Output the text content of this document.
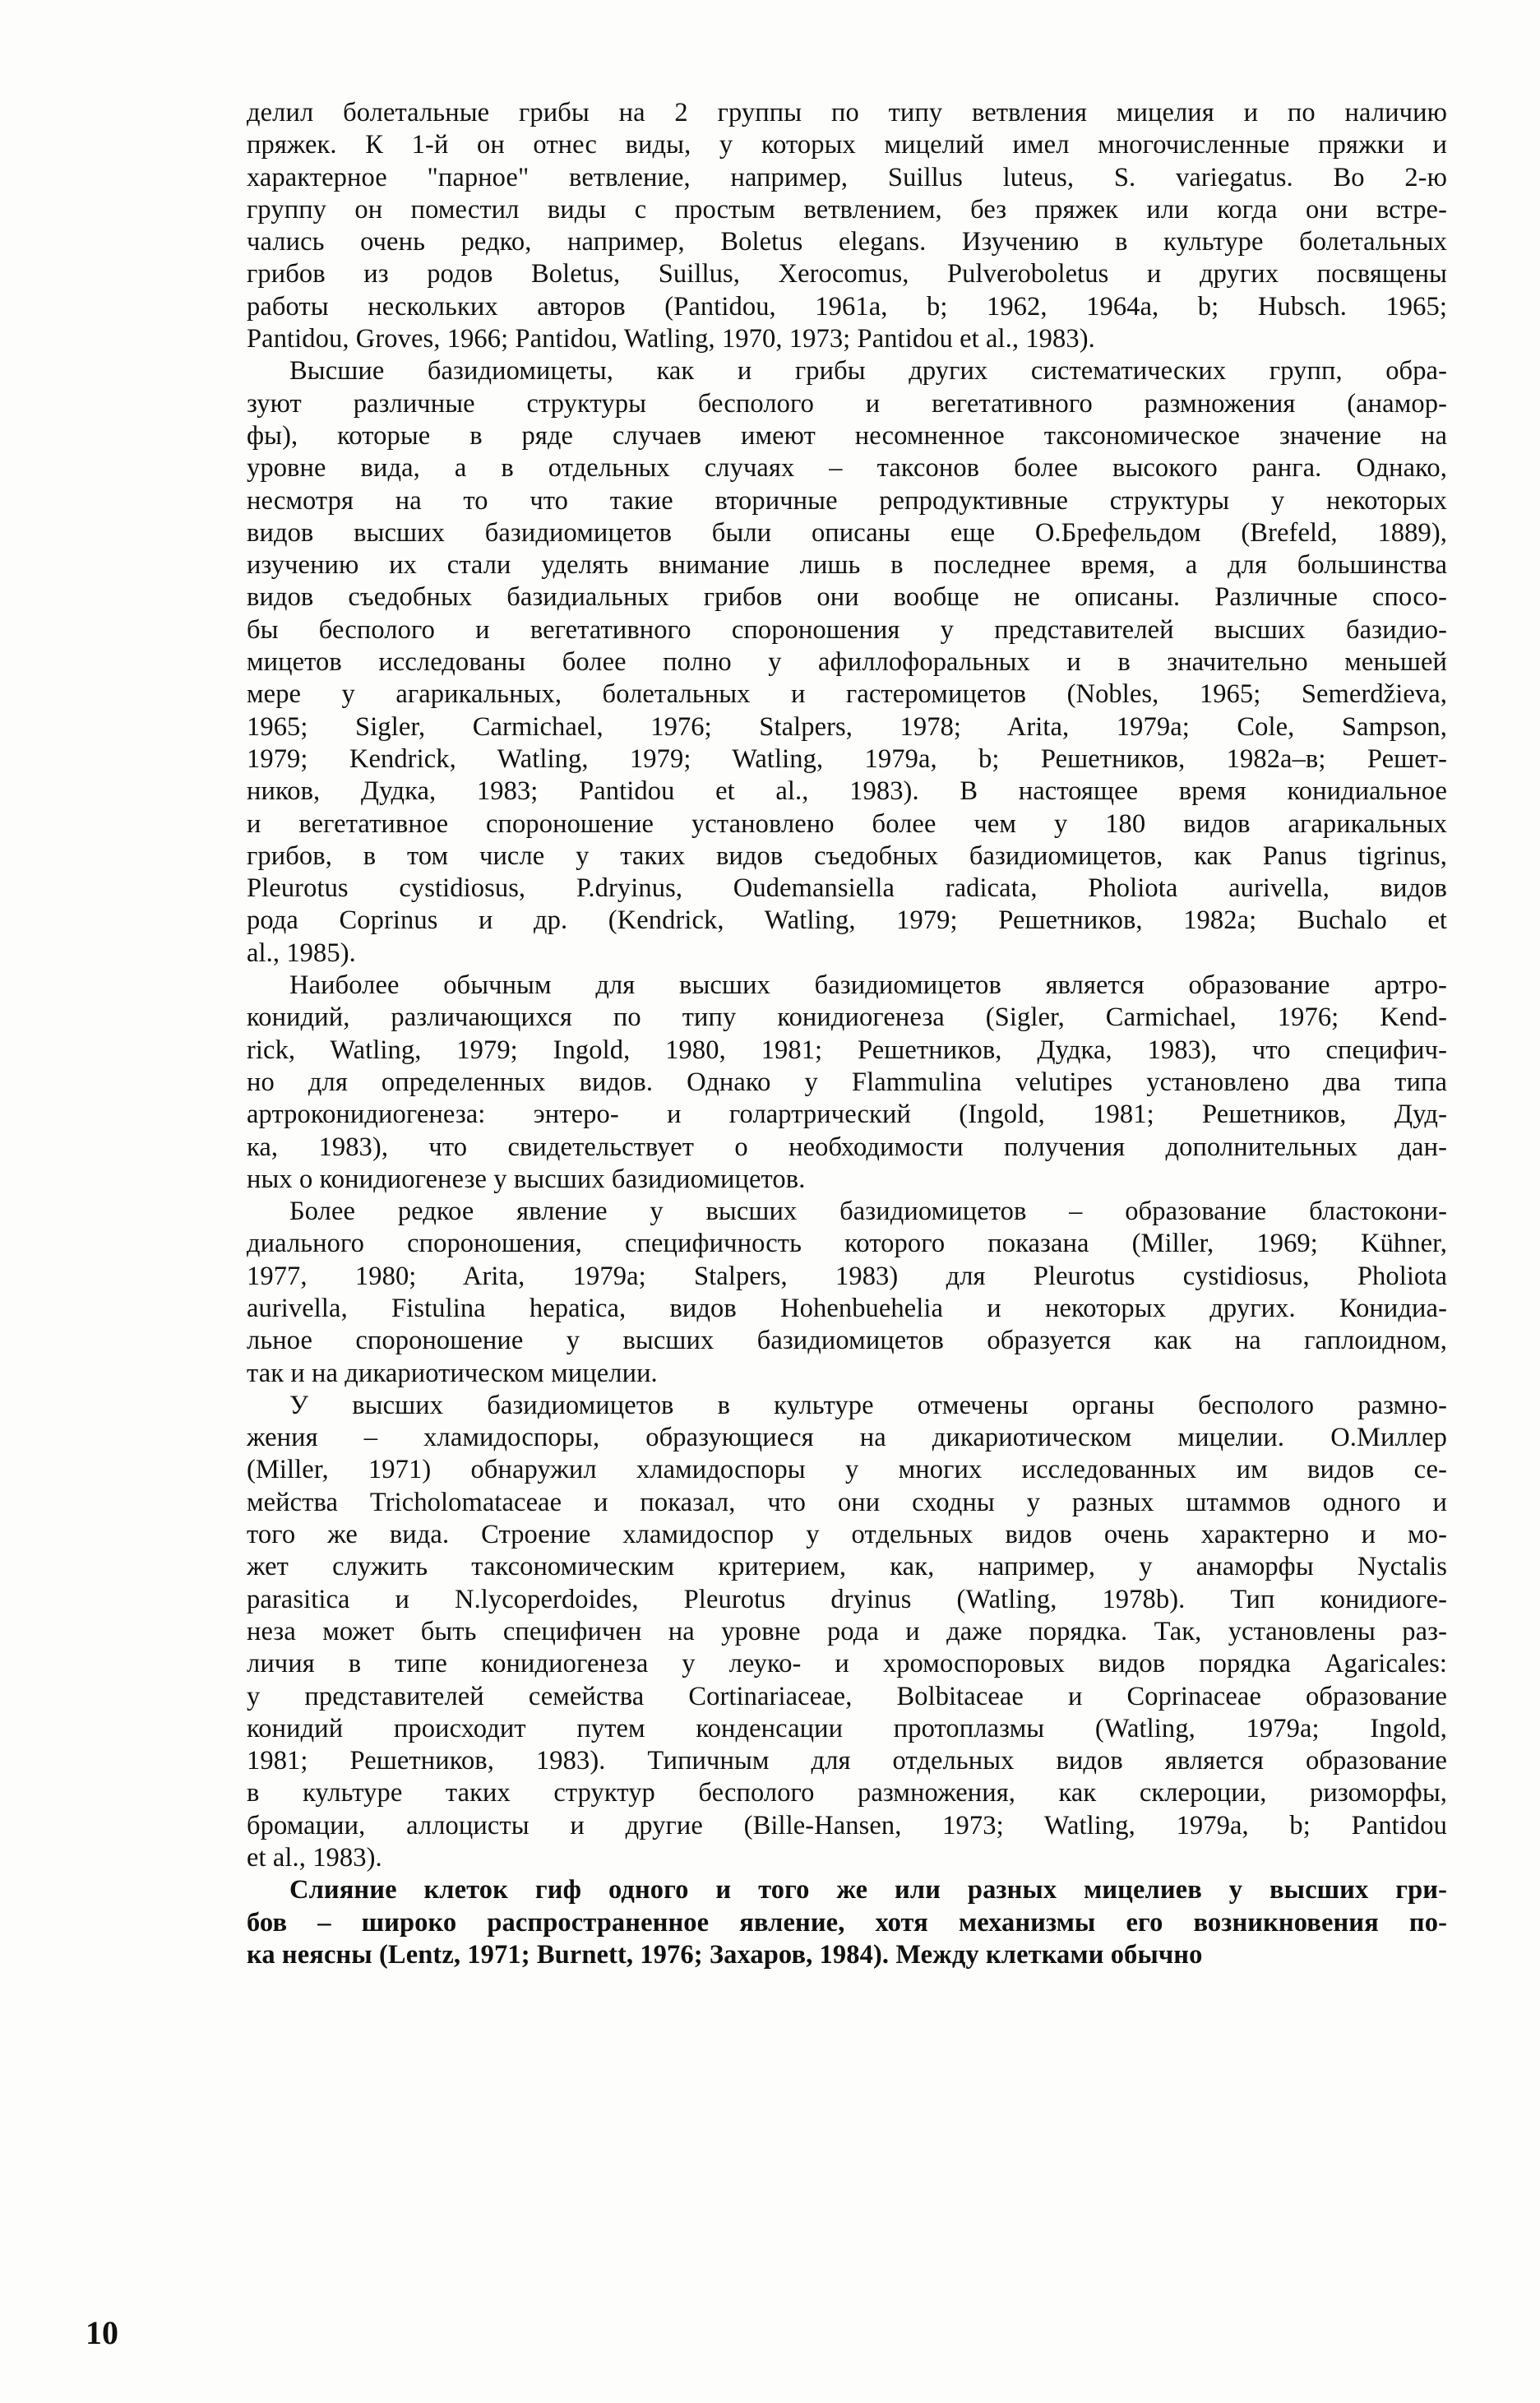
делил болетальные грибы на 2 группы по типу ветвления мицелия и по наличию
пряжек. К 1-й он отнес виды, у которых мицелий имел многочисленные пряжки и
характерное "парное" ветвление, например, Suillus luteus, S. variegatus. Во 2-ю
группу он поместил виды с простым ветвлением, без пряжек или когда они встре-
чались очень редко, например, Boletus elegans. Изучению в культуре болетальных
грибов из родов Boletus, Suillus, Xerocomus, Pulveroboletus и других посвящены
работы нескольких авторов (Pantidou, 1961a, b; 1962, 1964a, b; Hubsch. 1965;
Pantidou, Groves, 1966; Pantidou, Watling, 1970, 1973; Pantidou et al., 1983).
Высшие базидиомицеты, как и грибы других систематических групп, обра-
зуют различные структуры бесполого и вегетативного размножения (анамор-
фы), которые в ряде случаев имеют несомненное таксономическое значение на
уровне вида, а в отдельных случаях – таксонов более высокого ранга. Однако,
несмотря на то что такие вторичные репродуктивные структуры у некоторых
видов высших базидиомицетов были описаны еще О.Брефельдом (Brefeld, 1889),
изучению их стали уделять внимание лишь в последнее время, а для большинства
видов съедобных базидиальных грибов они вообще не описаны. Различные спосо-
бы бесполого и вегетативного спороношения у представителей высших базидио-
мицетов исследованы более полно у афиллофоральных и в значительно меньшей
мере у агарикальных, болетальных и гастеромицетов (Nobles, 1965; Semerdžieva,
1965; Sigler, Carmichael, 1976; Stalpers, 1978; Arita, 1979a; Cole, Sampson,
1979; Kendrick, Watling, 1979; Watling, 1979a, b; Решетников, 1982a–в; Решет-
ников, Дудка, 1983; Pantidou et al., 1983). В настоящее время конидиальное
и вегетативное спороношение установлено более чем у 180 видов агарикальных
грибов, в том числе у таких видов съедобных базидиомицетов, как Panus tigrinus,
Pleurotus cystidiosus, P.dryinus, Oudemansiella radicata, Pholiota aurivella, видов
рода Coprinus и др. (Kendrick, Watling, 1979; Решетников, 1982a; Buchalo et
al., 1985).
Наиболее обычным для высших базидиомицетов является образование артро-
конидий, различающихся по типу конидиогенеза (Sigler, Carmichael, 1976; Kend-
rick, Watling, 1979; Ingold, 1980, 1981; Решетников, Дудка, 1983), что специфич-
но для определенных видов. Однако у Flammulina velutipes установлено два типа
артроконидиогенеза: энтеро- и голартрический (Ingold, 1981; Решетников, Дуд-
ка, 1983), что свидетельствует о необходимости получения дополнительных дан-
ных о конидиогенезе у высших базидиомицетов.
Более редкое явление у высших базидиомицетов – образование бластокони-
диального спороношения, специфичность которого показана (Miller, 1969; Kühner,
1977, 1980; Arita, 1979a; Stalpers, 1983) для Pleurotus cystidiosus, Pholiota
aurivella, Fistulina hepatica, видов Hohenbuehelia и некоторых других. Конидиа-
льное спороношение у высших базидиомицетов образуется как на гаплоидном,
так и на дикариотическом мицелии.
У высших базидиомицетов в культуре отмечены органы бесполого размно-
жения – хламидоспоры, образующиеся на дикариотическом мицелии. О.Миллер
(Miller, 1971) обнаружил хламидоспоры у многих исследованных им видов се-
мейства Tricholomataceae и показал, что они сходны у разных штаммов одного и
того же вида. Строение хламидоспор у отдельных видов очень характерно и мо-
жет служить таксономическим критерием, как, например, у анаморфы Nyctalis
parasitica и N.lycoperdoides, Pleurotus dryinus (Watling, 1978b). Тип конидиоге-
неза может быть специфичен на уровне рода и даже порядка. Так, установлены раз-
личия в типе конидиогенеза у леуко- и хромоспоровых видов порядка Agaricales:
у представителей семейства Cortinariaceae, Bolbitaceae и Coprinaceae образование
конидий происходит путем конденсации протоплазмы (Watling, 1979a; Ingold,
1981; Решетников, 1983). Типичным для отдельных видов является образование
в культуре таких структур бесполого размножения, как склероции, ризоморфы,
бромации, аллоцисты и другие (Bille-Hansen, 1973; Watling, 1979a, b; Pantidou
et al., 1983).
Слияние клеток гиф одного и того же или разных мицелиев у высших гри-
бов – широко распространенное явление, хотя механизмы его возникновения по-
ка неясны (Lentz, 1971; Burnett, 1976; Захаров, 1984). Между клетками обычно
10
